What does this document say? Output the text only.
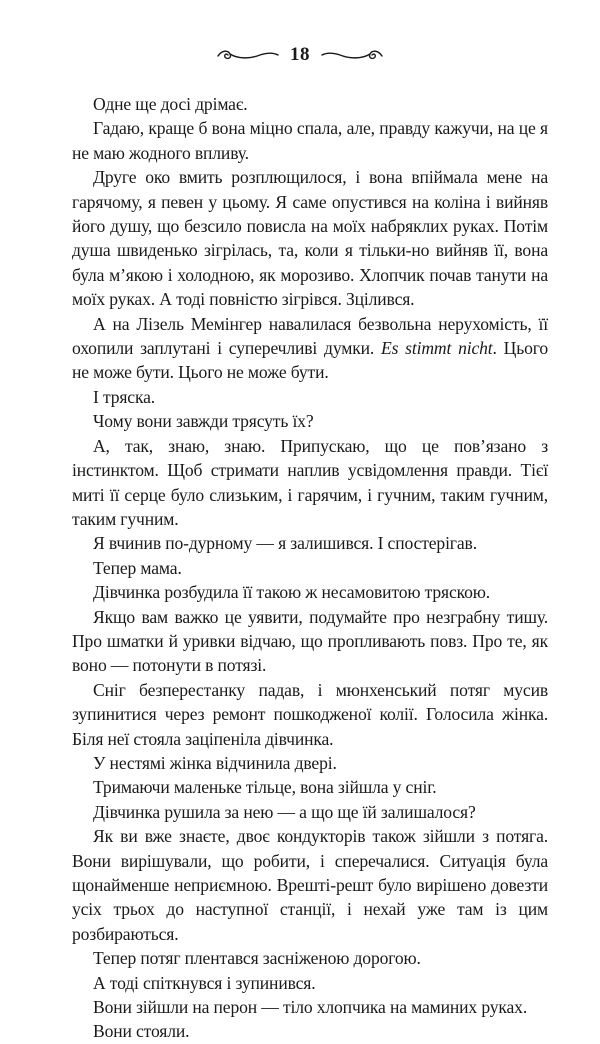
18

Одне ще досі дрімає.

Гадаю, краще б вона міцно спала, але, правду кажучи, на це я не маю жодного впливу.

Друге око вмить розплющилося, і вона впіймала мене на гарячому, я певен у цьому. Я саме опустився на коліна і вийняв його душу, що безсило повисла на моїх набряклих руках. Потім душа швиденько зігрілась, та, коли я тільки-но вийняв її, вона була м’якою і холодною, як морозиво. Хлопчик почав танути на моїх руках. А тоді повністю зігрівся. Зцілився.

А на Лізель Мемінгер навалилася безвольна нерухомість, її охопили заплутані і суперечливі думки. Es stimmt nicht. Цього не може бути. Цього не може бути.

І тряска.

Чому вони завжди трясуть їх?

А, так, знаю, знаю. Припускаю, що це пов’язано з інстинктом. Щоб стримати наплив усвідомлення правди. Тієї миті її серце було слизьким, і гарячим, і гучним, таким гучним, таким гучним.

Я вчинив по-дурному — я залишився. І спостерігав.

Тепер мама.

Дівчинка розбудила її такою ж несамовитою тряскою.

Якщо вам важко це уявити, подумайте про незграбну тишу. Про шматки й уривки відчаю, що пропливають повз. Про те, як воно — потонути в потязі.

Сніг безперестанку падав, і мюнхенський потяг мусив зупинитися через ремонт пошкодженої колії. Голосила жінка. Біля неї стояла заціпеніла дівчинка.

У нестямі жінка відчинила двері.

Тримаючи маленьке тільце, вона зійшла у сніг.

Дівчинка рушила за нею — а що ще їй залишалося?

Як ви вже знаєте, двоє кондукторів також зійшли з потяга. Вони вирішували, що робити, і сперечалися. Ситуація була щонайменше неприємною. Врешті-решт було вирішено довезти усіх трьох до наступної станції, і нехай уже там із цим розбираються.

Тепер потяг плентався засніженою дорогою.

А тоді спіткнувся і зупинився.

Вони зійшли на перон — тіло хлопчика на маминих руках.

Вони стояли.
